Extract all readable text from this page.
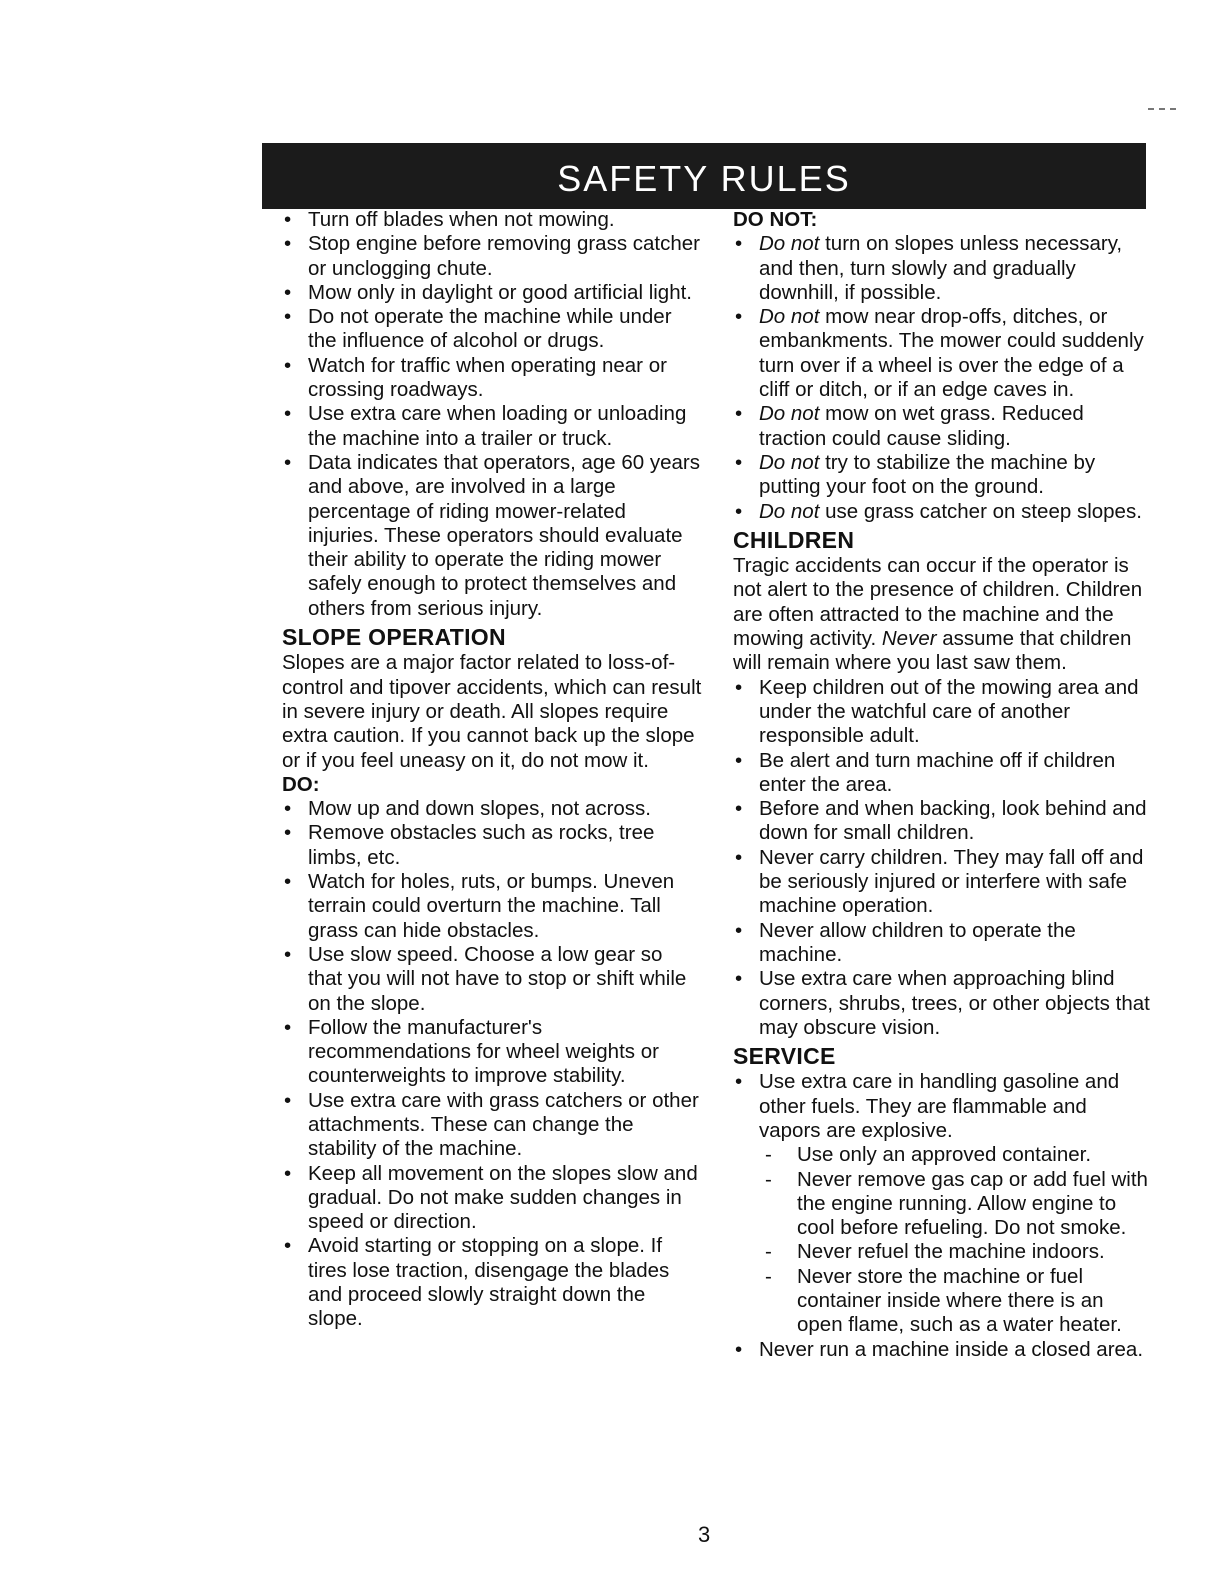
SAFETY RULES
• Turn off blades when not mowing.
• Stop engine before removing grass catcher or unclogging chute.
• Mow only in daylight or good artificial light.
• Do not operate the machine while under the influence of alcohol or drugs.
• Watch for traffic when operating near or crossing roadways.
• Use extra care when loading or unloading the machine into a trailer or truck.
• Data indicates that operators, age 60 years and above, are involved in a large percentage of riding mower-related injuries. These operators should evaluate their ability to operate the riding mower safely enough to protect themselves and others from serious injury.
SLOPE OPERATION

Slopes are a major factor related to loss-of-control and tipover accidents, which can result in severe injury or death. All slopes require extra caution. If you cannot back up the slope or if you feel uneasy on it, do not mow it.

DO:
• Mow up and down slopes, not across.
• Remove obstacles such as rocks, tree limbs, etc.
• Watch for holes, ruts, or bumps. Uneven terrain could overturn the machine. Tall grass can hide obstacles.
• Use slow speed. Choose a low gear so that you will not have to stop or shift while on the slope.
• Follow the manufacturer's recommendations for wheel weights or counterweights to improve stability.
• Use extra care with grass catchers or other attachments. These can change the stability of the machine.
• Keep all movement on the slopes slow and gradual. Do not make sudden changes in speed or direction.
• Avoid starting or stopping on a slope. If tires lose traction, disengage the blades and proceed slowly straight down the slope.
DO NOT:
• Do not turn on slopes unless necessary, and then, turn slowly and gradually downhill, if possible.
• Do not mow near drop-offs, ditches, or embankments. The mower could suddenly turn over if a wheel is over the edge of a cliff or ditch, or if an edge caves in.
• Do not mow on wet grass. Reduced traction could cause sliding.
• Do not try to stabilize the machine by putting your foot on the ground.
• Do not use grass catcher on steep slopes.
CHILDREN

Tragic accidents can occur if the operator is not alert to the presence of children. Children are often attracted to the machine and the mowing activity. Never assume that children will remain where you last saw them.

• Keep children out of the mowing area and under the watchful care of another responsible adult.
• Be alert and turn machine off if children enter the area.
• Before and when backing, look behind and down for small children.
• Never carry children. They may fall off and be seriously injured or interfere with safe machine operation.
• Never allow children to operate the machine.
• Use extra care when approaching blind corners, shrubs, trees, or other objects that may obscure vision.
SERVICE
• Use extra care in handling gasoline and other fuels. They are flammable and vapors are explosive.
- Use only an approved container.
- Never remove gas cap or add fuel with the engine running. Allow engine to cool before refueling. Do not smoke.
- Never refuel the machine indoors.
- Never store the machine or fuel container inside where there is an open flame, such as a water heater.
• Never run a machine inside a closed area.
3
